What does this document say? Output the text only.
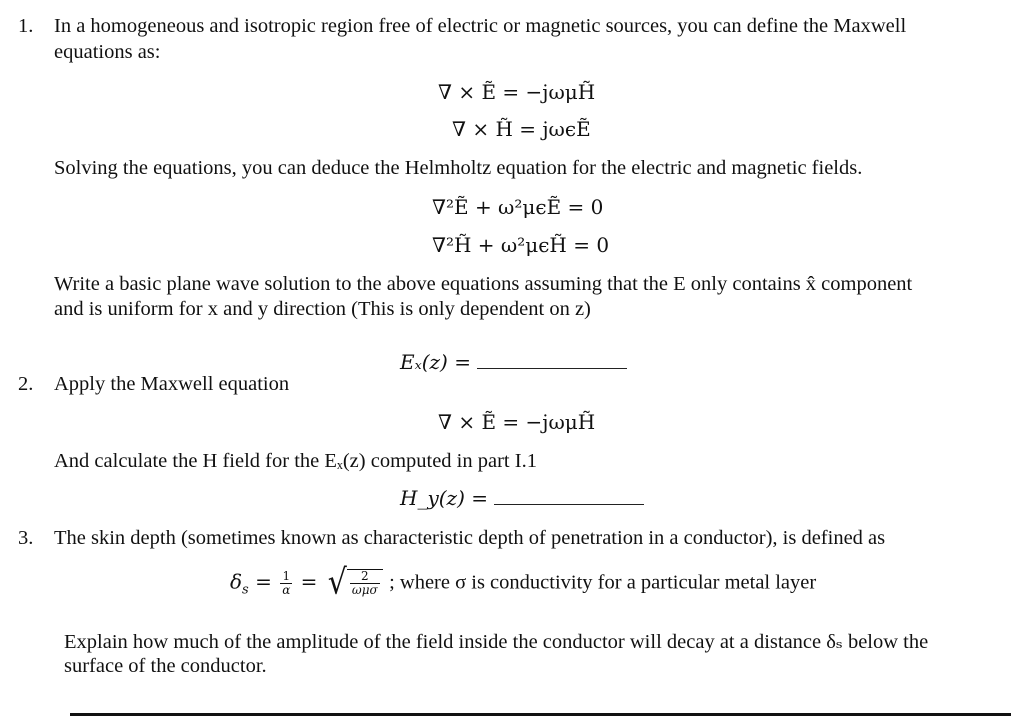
1. In a homogeneous and isotropic region free of electric or magnetic sources, you can define the Maxwell
equations as:
∇ × Ẽ = −jωμH̃
∇ × H̃ = jωϵẼ
Solving the equations, you can deduce the Helmholtz equation for the electric and magnetic fields.
∇²Ẽ + ω²μϵẼ = 0
∇²H̃ + ω²μϵH̃ = 0
Write a basic plane wave solution to the above equations assuming that the E only contains x̂ component
and is uniform for x and y direction (This is only dependent on z)
Eₓ(z) =
2. Apply the Maxwell equation
∇ × Ẽ = −jωμH̃
And calculate the H field for the Eₓ(z) computed in part I.1
H_y(z) =
3. The skin depth (sometimes known as characteristic depth of penetration in a conductor), is defined as
$\delta_s = \frac{1}{\alpha}$ = √ $\frac{2}{\text{ωμσ}}$ ; where σ is conductivity for a particular metal layer
Explain how much of the amplitude of the field inside the conductor will decay at a distance δₛ below the
surface of the conductor.
